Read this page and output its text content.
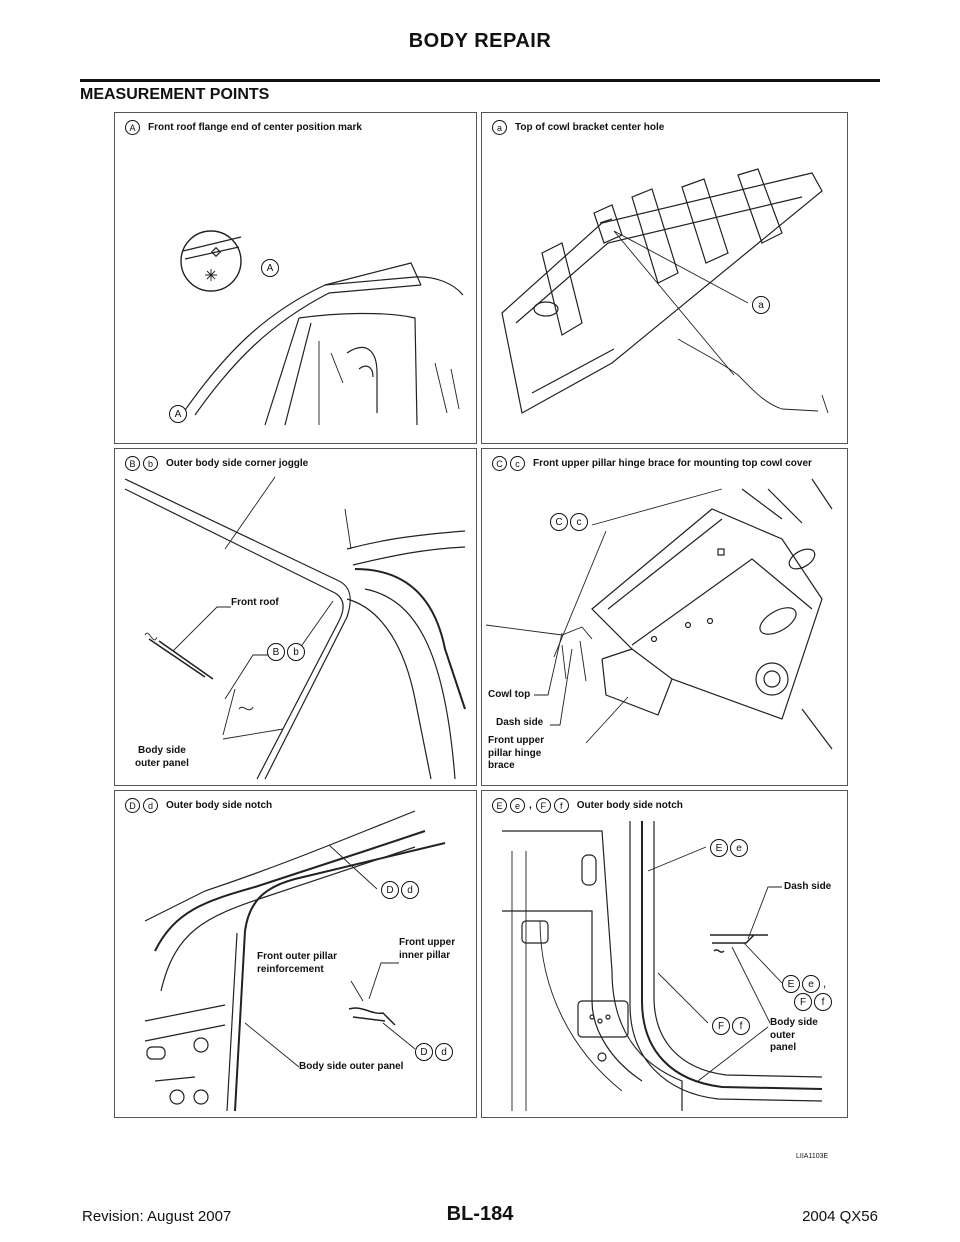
BODY REPAIR
MEASUREMENT POINTS
A	Front roof flange end of center position mark
A
A
a	Top of cowl bracket center hole
a
B	b	Outer body side corner joggle
Front roof
B	b
Body side
outer panel
C	c	Front upper pillar hinge brace for mounting top cowl cover
C	c
Cowl top
Dash side
Front upper
pillar hinge
brace
D	d	Outer body side notch
D	d
Front upper
inner pillar
Front outer pillar
reinforcement
D	d
Body side outer panel
E	e , F	f	Outer body side notch
E	e
Dash side
E	e ,
F	f
F	f	Body side
outer
panel
LIIA1103E
Revision: August 2007	BL-184	2004 QX56
